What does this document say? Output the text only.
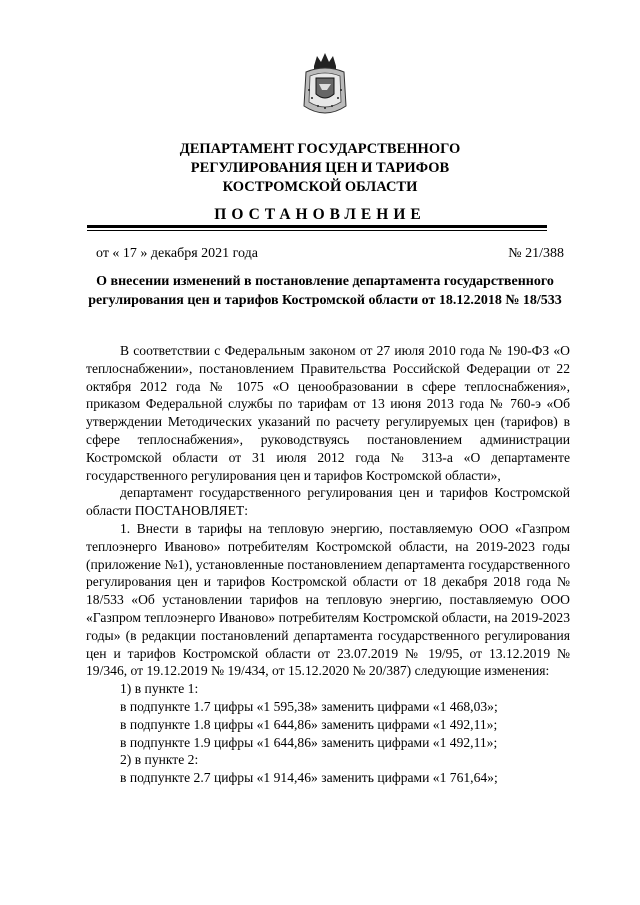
ДЕПАРТАМЕНТ ГОСУДАРСТВЕННОГО
РЕГУЛИРОВАНИЯ ЦЕН И ТАРИФОВ
КОСТРОМСКОЙ ОБЛАСТИ
ПОСТАНОВЛЕНИЕ
от « 17 » декабря 2021 года	№ 21/388
О внесении изменений в постановление департамента государственного
регулирования цен и тарифов Костромской области от 18.12.2018 № 18/533

В соответствии с Федеральным законом от 27 июля 2010 года № 190-ФЗ «О теплоснабжении», постановлением Правительства Российской Федерации от 22 октября 2012 года № 1075 «О ценообразовании в сфере теплоснабжения», приказом Федеральной службы по тарифам от 13 июня 2013 года № 760-э «Об утверждении Методических указаний по расчету регулируемых цен (тарифов) в сфере теплоснабжения», руководствуясь постановлением администрации Костромской области от 31 июля 2012 года № 313-а «О департаменте государственного регулирования цен и тарифов Костромской области»,

департамент государственного регулирования цен и тарифов Костромской области ПОСТАНОВЛЯЕТ:

1. Внести в тарифы на тепловую энергию, поставляемую ООО «Газпром теплоэнерго Иваново» потребителям Костромской области, на 2019-2023 годы (приложение №1), установленные постановлением департамента государственного регулирования цен и тарифов Костромской области от 18 декабря 2018 года № 18/533 «Об установлении тарифов на тепловую энергию, поставляемую ООО «Газпром теплоэнерго Иваново» потребителям Костромской области, на 2019-2023 годы» (в редакции постановлений департамента государственного регулирования цен и тарифов Костромской области от 23.07.2019 № 19/95, от 13.12.2019 № 19/346, от 19.12.2019 № 19/434, от 15.12.2020 № 20/387) следующие изменения:

1) в пункте 1:

в подпункте 1.7 цифры «1 595,38» заменить цифрами «1 468,03»;

в подпункте 1.8 цифры «1 644,86» заменить цифрами «1 492,11»;

в подпункте 1.9 цифры «1 644,86» заменить цифрами «1 492,11»;

2) в пункте 2:

в подпункте 2.7 цифры «1 914,46» заменить цифрами «1 761,64»;
